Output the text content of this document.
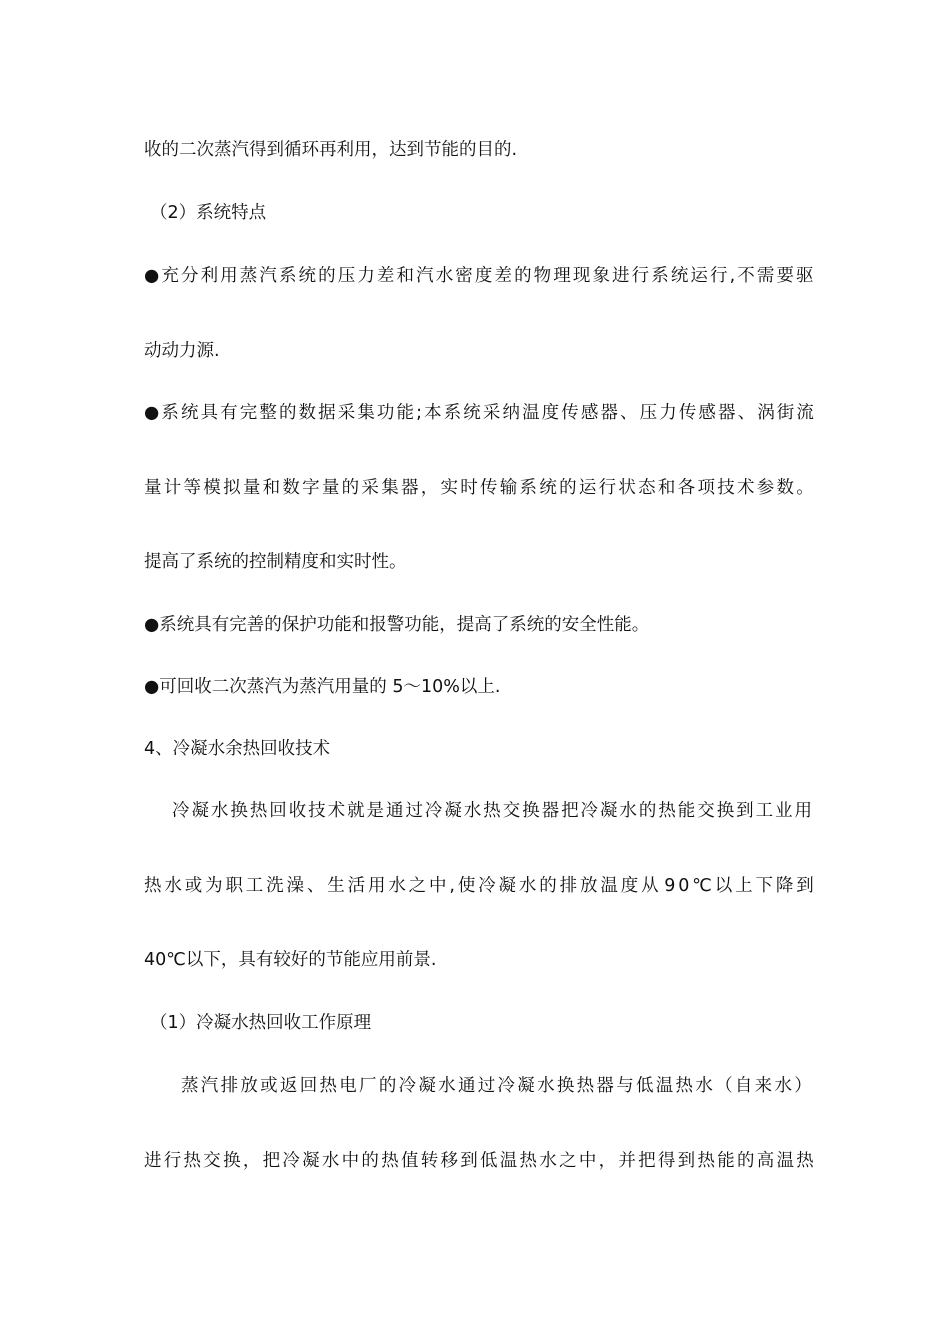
收的二次蒸汽得到循环再利用，达到节能的目的.
（2）系统特点
● 充 分 利 用 蒸 汽 系 统 的 压 力 差 和 汽 水 密 度 差 的 物 理 现 象 进 行 系 统 运 行 , 不 需 要 驱
动动力源.
● 系 统 具 有 完 整 的 数 据 采 集 功 能 ; 本 系 统 采 纳 温 度 传 感 器 、 压 力 传 感 器 、 涡 街 流
量 计 等 模 拟 量 和 数 字 量 的 采 集 器 ， 实 时 传 输 系 统 的 运 行 状 态 和 各 项 技 术 参 数 。
提高了系统的控制精度和实时性。
●系统具有完善的保护功能和报警功能，提高了系统的安全性能。
●可回收二次蒸汽为蒸汽用量的 5～10%以上.
4、冷凝水余热回收技术
冷 凝 水 换 热 回 收 技 术 就 是 通 过 冷 凝 水 热 交 换 器 把 冷 凝 水 的 热 能 交 换 到 工 业 用
热 水 或 为 职 工 洗 澡 、 生 活 用 水 之 中 , 使 冷 凝 水 的 排 放 温 度 从 9 0 ℃ 以 上 下 降 到
40℃以下，具有较好的节能应用前景.
（1）冷凝水热回收工作原理
蒸 汽 排 放 或 返 回 热 电 厂 的 冷 凝 水 通 过 冷 凝 水 换 热 器 与 低 温 热 水 （ 自 来 水 ）
进 行 热 交 换 ， 把 冷 凝 水 中 的 热 值 转 移 到 低 温 热 水 之 中 ， 并 把 得 到 热 能 的 高 温 热
